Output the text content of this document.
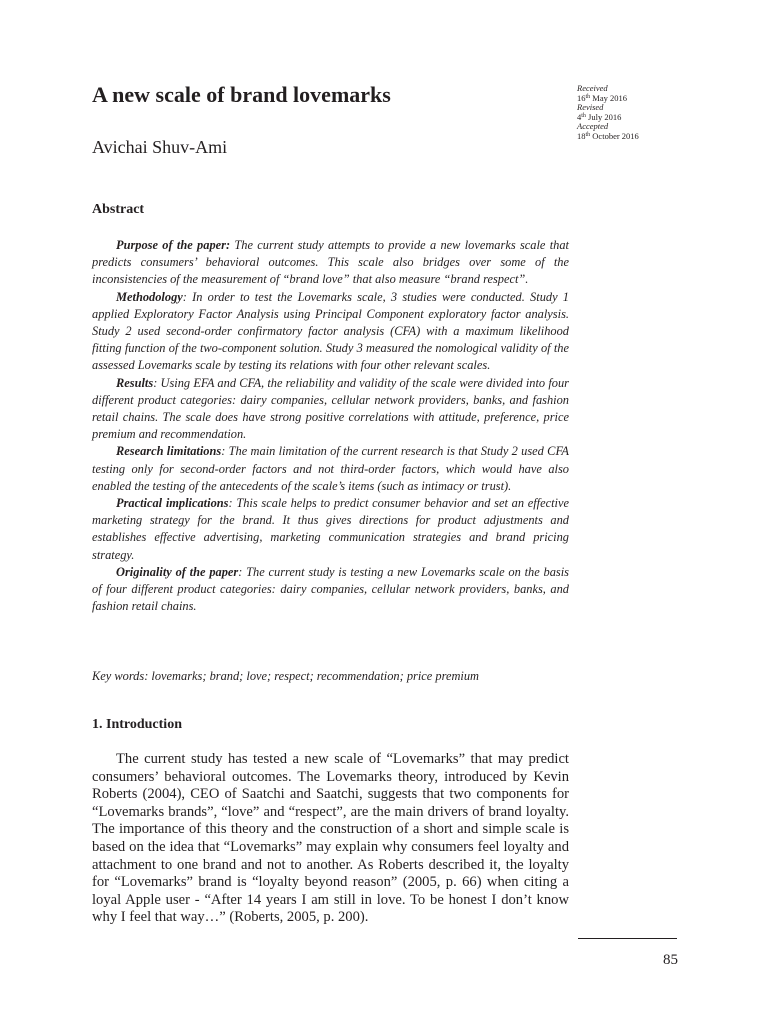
A new scale of brand lovemarks
Avichai Shuv-Ami
Received
16th May 2016
Revised
4th July 2016
Accepted
18th October 2016
Abstract

Purpose of the paper: The current study attempts to provide a new lovemarks scale that predicts consumers’ behavioral outcomes. This scale also bridges over some of the inconsistencies of the measurement of “brand love” that also measure “brand respect”.

Methodology: In order to test the Lovemarks scale, 3 studies were conducted. Study 1 applied Exploratory Factor Analysis using Principal Component exploratory factor analysis. Study 2 used second-order confirmatory factor analysis (CFA) with a maximum likelihood fitting function of the two-component solution. Study 3 measured the nomological validity of the assessed Lovemarks scale by testing its relations with four other relevant scales.

Results: Using EFA and CFA, the reliability and validity of the scale were divided into four different product categories: dairy companies, cellular network providers, banks, and fashion retail chains. The scale does have strong positive correlations with attitude, preference, price premium and recommendation.

Research limitations: The main limitation of the current research is that Study 2 used CFA testing only for second-order factors and not third-order factors, which would have also enabled the testing of the antecedents of the scale’s items (such as intimacy or trust).

Practical implications: This scale helps to predict consumer behavior and set an effective marketing strategy for the brand. It thus gives directions for product adjustments and establishes effective advertising, marketing communication strategies and brand pricing strategy.

Originality of the paper: The current study is testing a new Lovemarks scale on the basis of four different product categories: dairy companies, cellular network providers, banks, and fashion retail chains.

Key words: lovemarks; brand; love; respect; recommendation; price premium
1. Introduction

The current study has tested a new scale of “Lovemarks” that may predict consumers’ behavioral outcomes. The Lovemarks theory, introduced by Kevin Roberts (2004), CEO of Saatchi and Saatchi, suggests that two components for “Lovemarks brands”, “love” and “respect”, are the main drivers of brand loyalty. The importance of this theory and the construction of a short and simple scale is based on the idea that “Lovemarks” may explain why consumers feel loyalty and attachment to one brand and not to another. As Roberts described it, the loyalty for “Lovemarks” brand is “loyalty beyond reason” (2005, p. 66) when citing a loyal Apple user - “After 14 years I am still in love. To be honest I don’t know why I feel that way…” (Roberts, 2005, p. 200).

85
